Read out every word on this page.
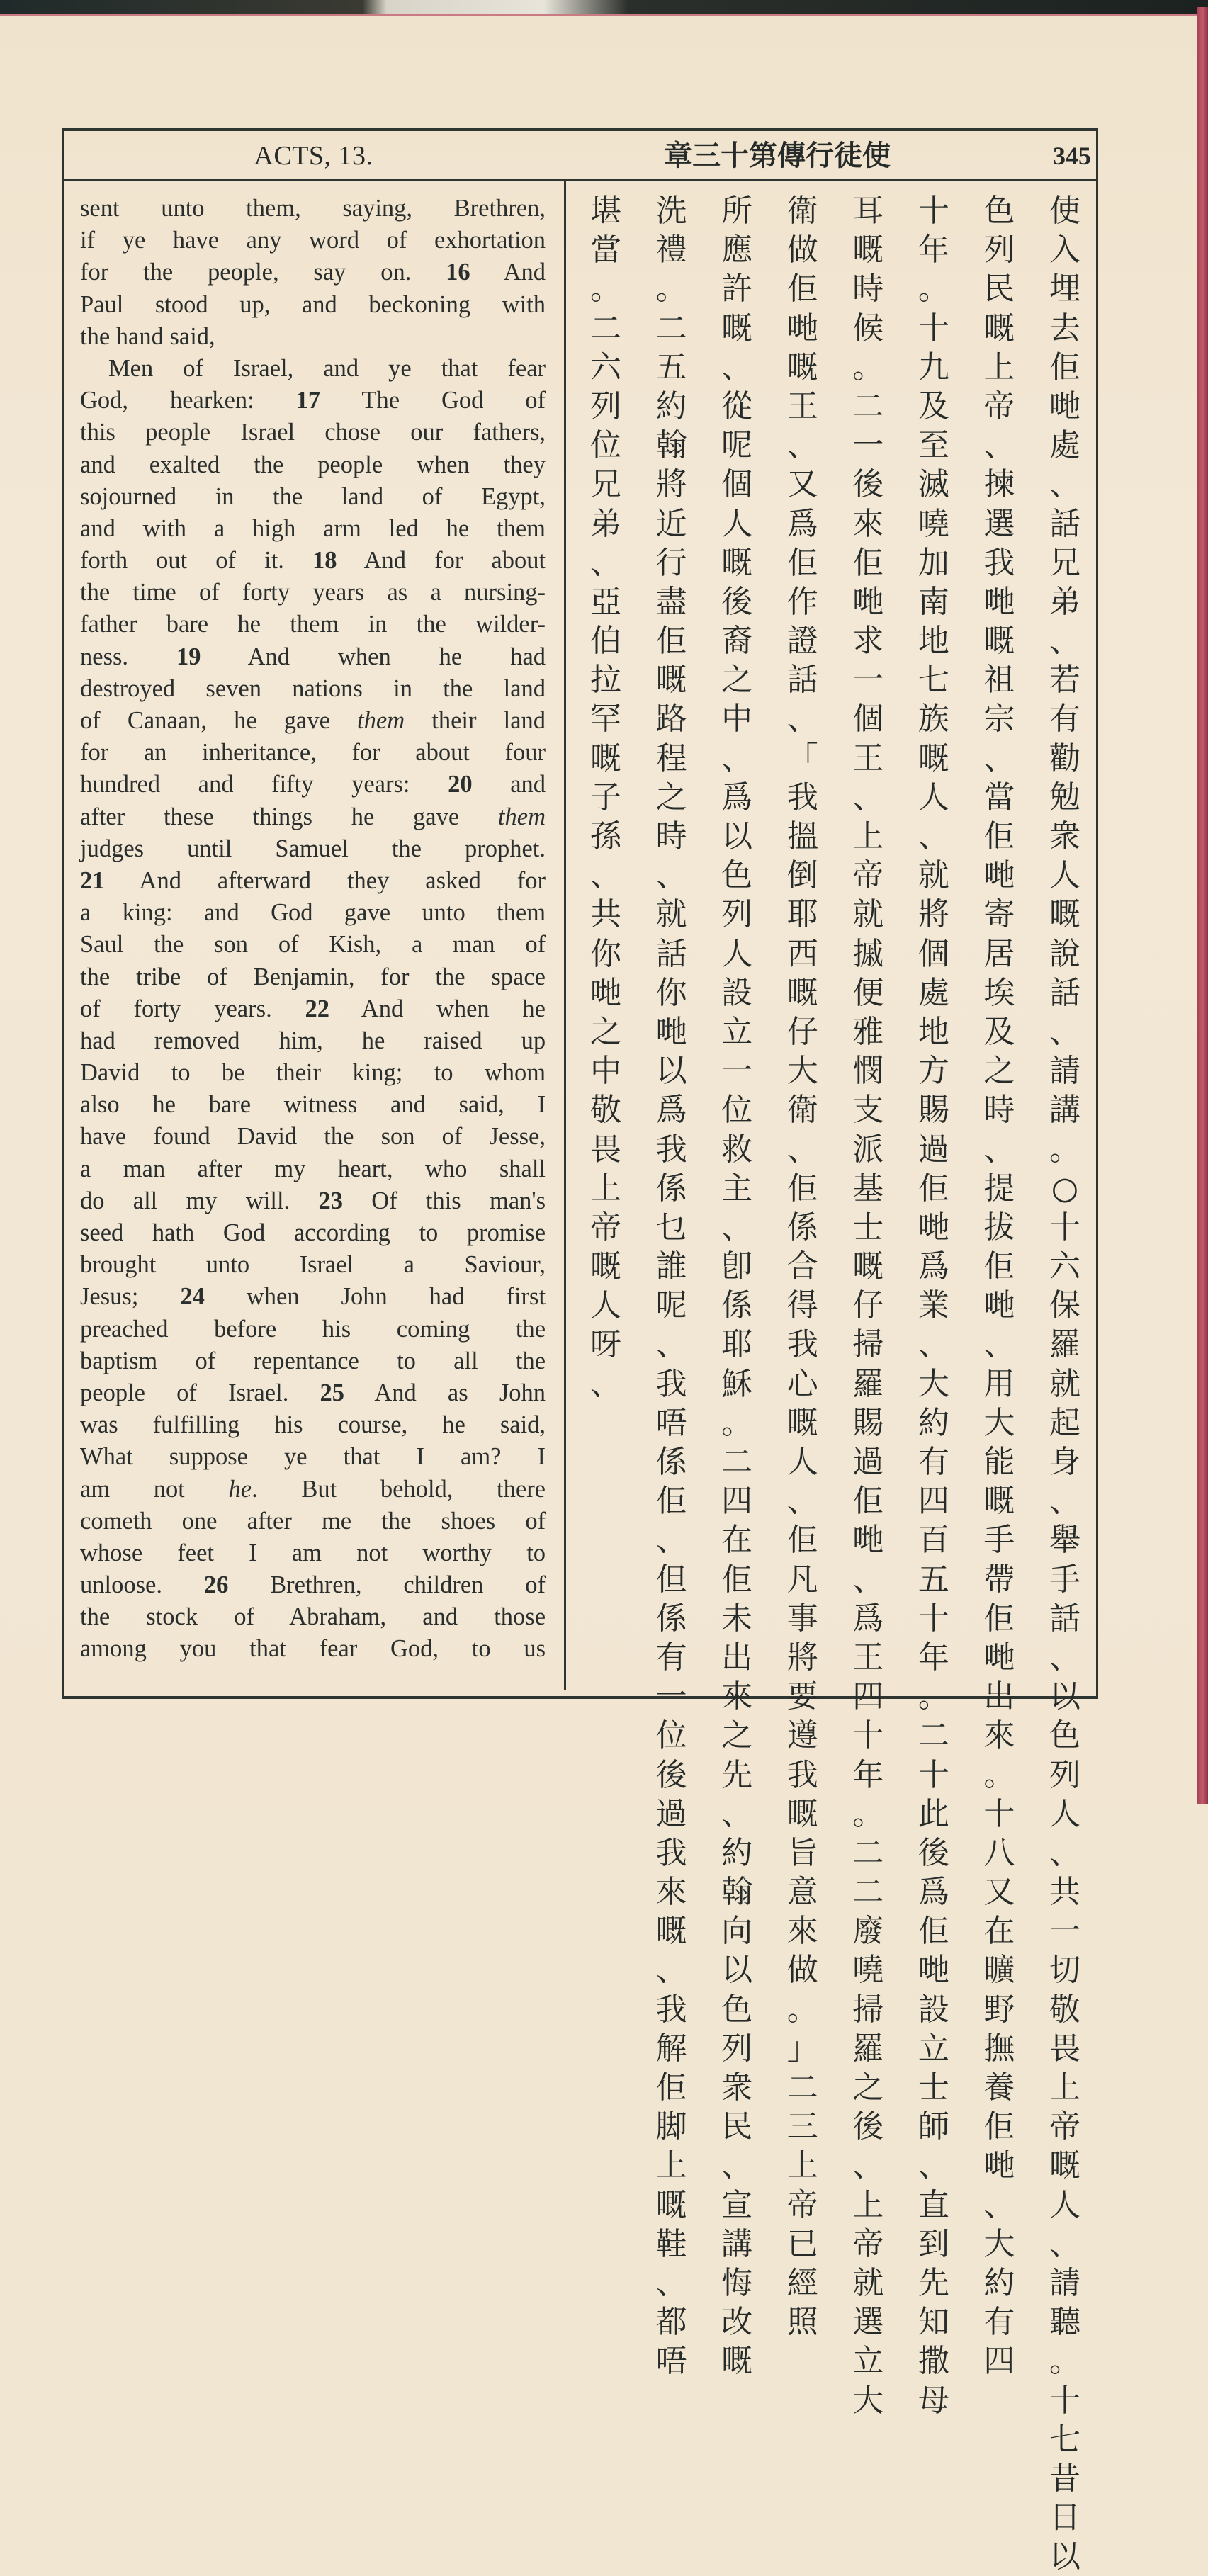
ACTS, 13.	章三十第傳行徒使	345
sent unto them, saying, Brethren,
if ye have any word of exhortation
for the people, say on. 16 And
Paul stood up, and beckoning with
the hand said,
Men of Israel, and ye that fear
God, hearken: 17 The God of
this people Israel chose our fathers,
and exalted the people when they
sojourned in the land of Egypt,
and with a high arm led he them
forth out of it. 18 And for about
the time of forty years as a nursing-
father bare he them in the wilder-
ness. 19 And when he had
destroyed seven nations in the land
of Canaan, he gave them their land
for an inheritance, for about four
hundred and fifty years: 20 and
after these things he gave them
judges until Samuel the prophet.
21 And afterward they asked for
a king: and God gave unto them
Saul the son of Kish, a man of
the tribe of Benjamin, for the space
of forty years. 22 And when he
had removed him, he raised up
David to be their king; to whom
also he bare witness and said, I
have found David the son of Jesse,
a man after my heart, who shall
do all my will. 23 Of this man's
seed hath God according to promise
brought unto Israel a Saviour,
Jesus; 24 when John had first
preached before his coming the
baptism of repentance to all the
people of Israel. 25 And as John
was fulfilling his course, he said,
What suppose ye that I am? I
am not he. But behold, there
cometh one after me the shoes of
whose feet I am not worthy to
unloose. 26 Brethren, children of
the stock of Abraham, and those
among you that fear God, to us
使
入
埋
去
佢
哋
處
、
話
兄
弟
、
若
有
勸
勉
衆
人
嘅
說
話
、
請
講
。
○
十
六
保
羅
就
起
身
、
舉
手
話
、
以
色
列
人
、
共
一
切
敬
畏
上
帝
嘅
人
、
請
聽
。
十
七
昔
日
以
色
列
民
嘅
上
帝
、
揀
選
我
哋
嘅
祖
宗
、
當
佢
哋
寄
居
埃
及
之
時
、
提
拔
佢
哋
、
用
大
能
嘅
手
帶
佢
哋
出
來
。
十
八
又
在
曠
野
撫
養
佢
哋
、
大
約
有
四
十
年
。
十
九
及
至
滅
嘵
加
南
地
七
族
嘅
人
、
就
將
個
處
地
方
賜
過
佢
哋
爲
業
、
大
約
有
四
百
五
十
年
。
二
十
此
後
爲
佢
哋
設
立
士
師
、
直
到
先
知
撒
母
耳
嘅
時
候
。
二
一
後
來
佢
哋
求
一
個
王
、
上
帝
就
摵
便
雅
憫
支
派
基
士
嘅
仔
掃
羅
賜
過
佢
哋
、
爲
王
四
十
年
。
二
二
廢
嘵
掃
羅
之
後
、
上
帝
就
選
立
大
衛
做
佢
哋
嘅
王
、
又
爲
佢
作
證
話
、
「
我
搵
倒
耶
西
嘅
仔
大
衛
、
佢
係
合
得
我
心
嘅
人
、
佢
凡
事
將
要
遵
我
嘅
旨
意
來
做
。
」
二
三
上
帝
已
經
照
所
應
許
嘅
、
從
呢
個
人
嘅
後
裔
之
中
、
爲
以
色
列
人
設
立
一
位
救
主
、
卽
係
耶
穌
。
二
四
在
佢
未
出
來
之
先
、
約
翰
向
以
色
列
衆
民
、
宣
講
悔
改
嘅
洗
禮
。
二
五
約
翰
將
近
行
盡
佢
嘅
路
程
之
時
、
就
話
你
哋
以
爲
我
係
乜
誰
呢
、
我
唔
係
佢
、
但
係
有
一
位
後
過
我
來
嘅
、
我
解
佢
脚
上
嘅
鞋
、
都
唔
堪
當
。
二
六
列
位
兄
弟
、
亞
伯
拉
罕
嘅
子
孫
、
共
你
哋
之
中
敬
畏
上
帝
嘅
人
呀
、
